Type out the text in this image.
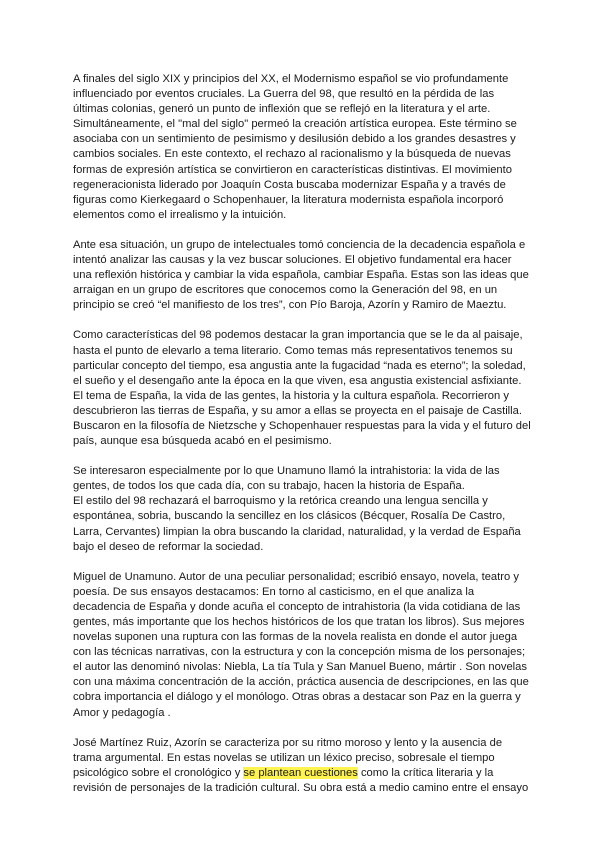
A finales del siglo XIX y principios del XX, el Modernismo español se vio profundamente
influenciado por eventos cruciales. La Guerra del 98, que resultó en la pérdida de las
últimas colonias, generó un punto de inflexión que se reflejó en la literatura y el arte.
Simultáneamente, el "mal del siglo" permeó la creación artística europea. Este término se
asociaba con un sentimiento de pesimismo y desilusión debido a los grandes desastres y
cambios sociales. En este contexto, el rechazo al racionalismo y la búsqueda de nuevas
formas de expresión artística se convirtieron en características distintivas. El movimiento
regeneracionista liderado por Joaquín Costa buscaba modernizar España y a través de
figuras como Kierkegaard o Schopenhauer, la literatura modernista española incorporó
elementos como el irrealismo y la intuición.
Ante esa situación, un grupo de intelectuales tomó conciencia de la decadencia española e
intentó analizar las causas y la vez buscar soluciones. El objetivo fundamental era hacer
una reflexión histórica y cambiar la vida española, cambiar España. Estas son las ideas que
arraigan en un grupo de escritores que conocemos como la Generación del 98, en un
principio se creó “el manifiesto de los tres”, con Pío Baroja, Azorín y Ramiro de Maeztu.
Como características del 98 podemos destacar la gran importancia que se le da al paisaje,
hasta el punto de elevarlo a tema literario. Como temas más representativos tenemos su
particular concepto del tiempo, esa angustia ante la fugacidad “nada es eterno”; la soledad,
el sueño y el desengaño ante la época en la que viven, esa angustia existencial asfixiante.
El tema de España, la vida de las gentes, la historia y la cultura española. Recorrieron y
descubrieron las tierras de España, y su amor a ellas se proyecta en el paisaje de Castilla.
Buscaron en la filosofía de Nietzsche y Schopenhauer respuestas para la vida y el futuro del
país, aunque esa búsqueda acabó en el pesimismo.
Se interesaron especialmente por lo que Unamuno llamó la intrahistoria: la vida de las
gentes, de todos los que cada día, con su trabajo, hacen la historia de España.
El estilo del 98 rechazará el barroquismo y la retórica creando una lengua sencilla y
espontánea, sobria, buscando la sencillez en los clásicos (Bécquer, Rosalía De Castro,
Larra, Cervantes) limpian la obra buscando la claridad, naturalidad, y la verdad de España
bajo el deseo de reformar la sociedad.
Miguel de Unamuno. Autor de una peculiar personalidad; escribió ensayo, novela, teatro y
poesía. De sus ensayos destacamos: En torno al casticismo, en el que analiza la
decadencia de España y donde acuña el concepto de intrahistoria (la vida cotidiana de las
gentes, más importante que los hechos históricos de los que tratan los libros). Sus mejores
novelas suponen una ruptura con las formas de la novela realista en donde el autor juega
con las técnicas narrativas, con la estructura y con la concepción misma de los personajes;
el autor las denominó nivolas: Niebla, La tía Tula y San Manuel Bueno, mártir . Son novelas
con una máxima concentración de la acción, práctica ausencia de descripciones, en las que
cobra importancia el diálogo y el monólogo. Otras obras a destacar son Paz en la guerra y
Amor y pedagogía .
José Martínez Ruiz, Azorín se caracteriza por su ritmo moroso y lento y la ausencia de
trama argumental. En estas novelas se utilizan un léxico preciso, sobresale el tiempo
psicológico sobre el cronológico y se plantean cuestiones como la crítica literaria y la
revisión de personajes de la tradición cultural. Su obra está a medio camino entre el ensayo
